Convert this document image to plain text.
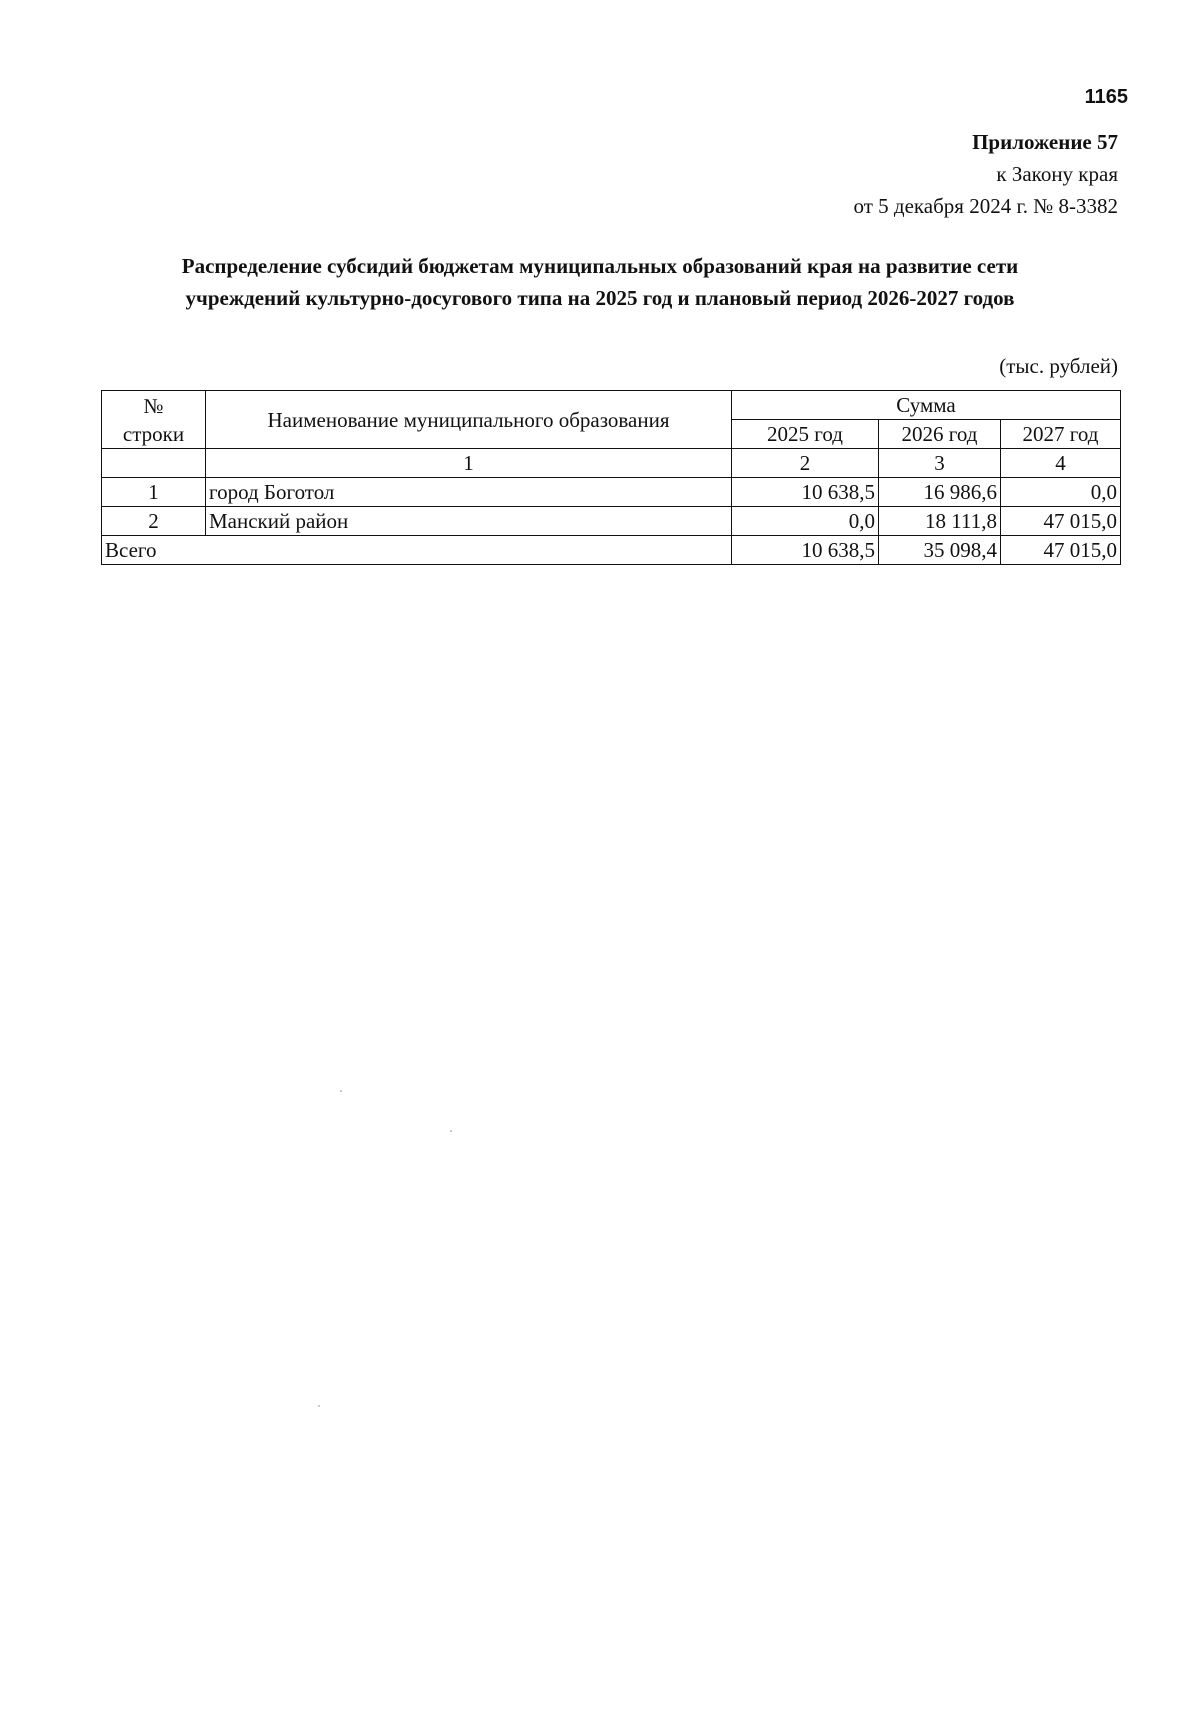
1165
Приложение 57
к Закону края
от 5 декабря 2024 г. № 8-3382
Распределение субсидий бюджетам муниципальных образований края на развитие сети
учреждений культурно-досугового типа на 2025 год и плановый период 2026-2027 годов
(тыс. рублей)
№
строки	Наименование муниципального образования	Сумма		
		2025 год	2026 год	2027 год
	1	2	3	4
1	город Боготол	10 638,5	16 986,6	0,0
2	Манский район	0,0	18 111,8	47 015,0
Всего		10 638,5	35 098,4	47 015,0
